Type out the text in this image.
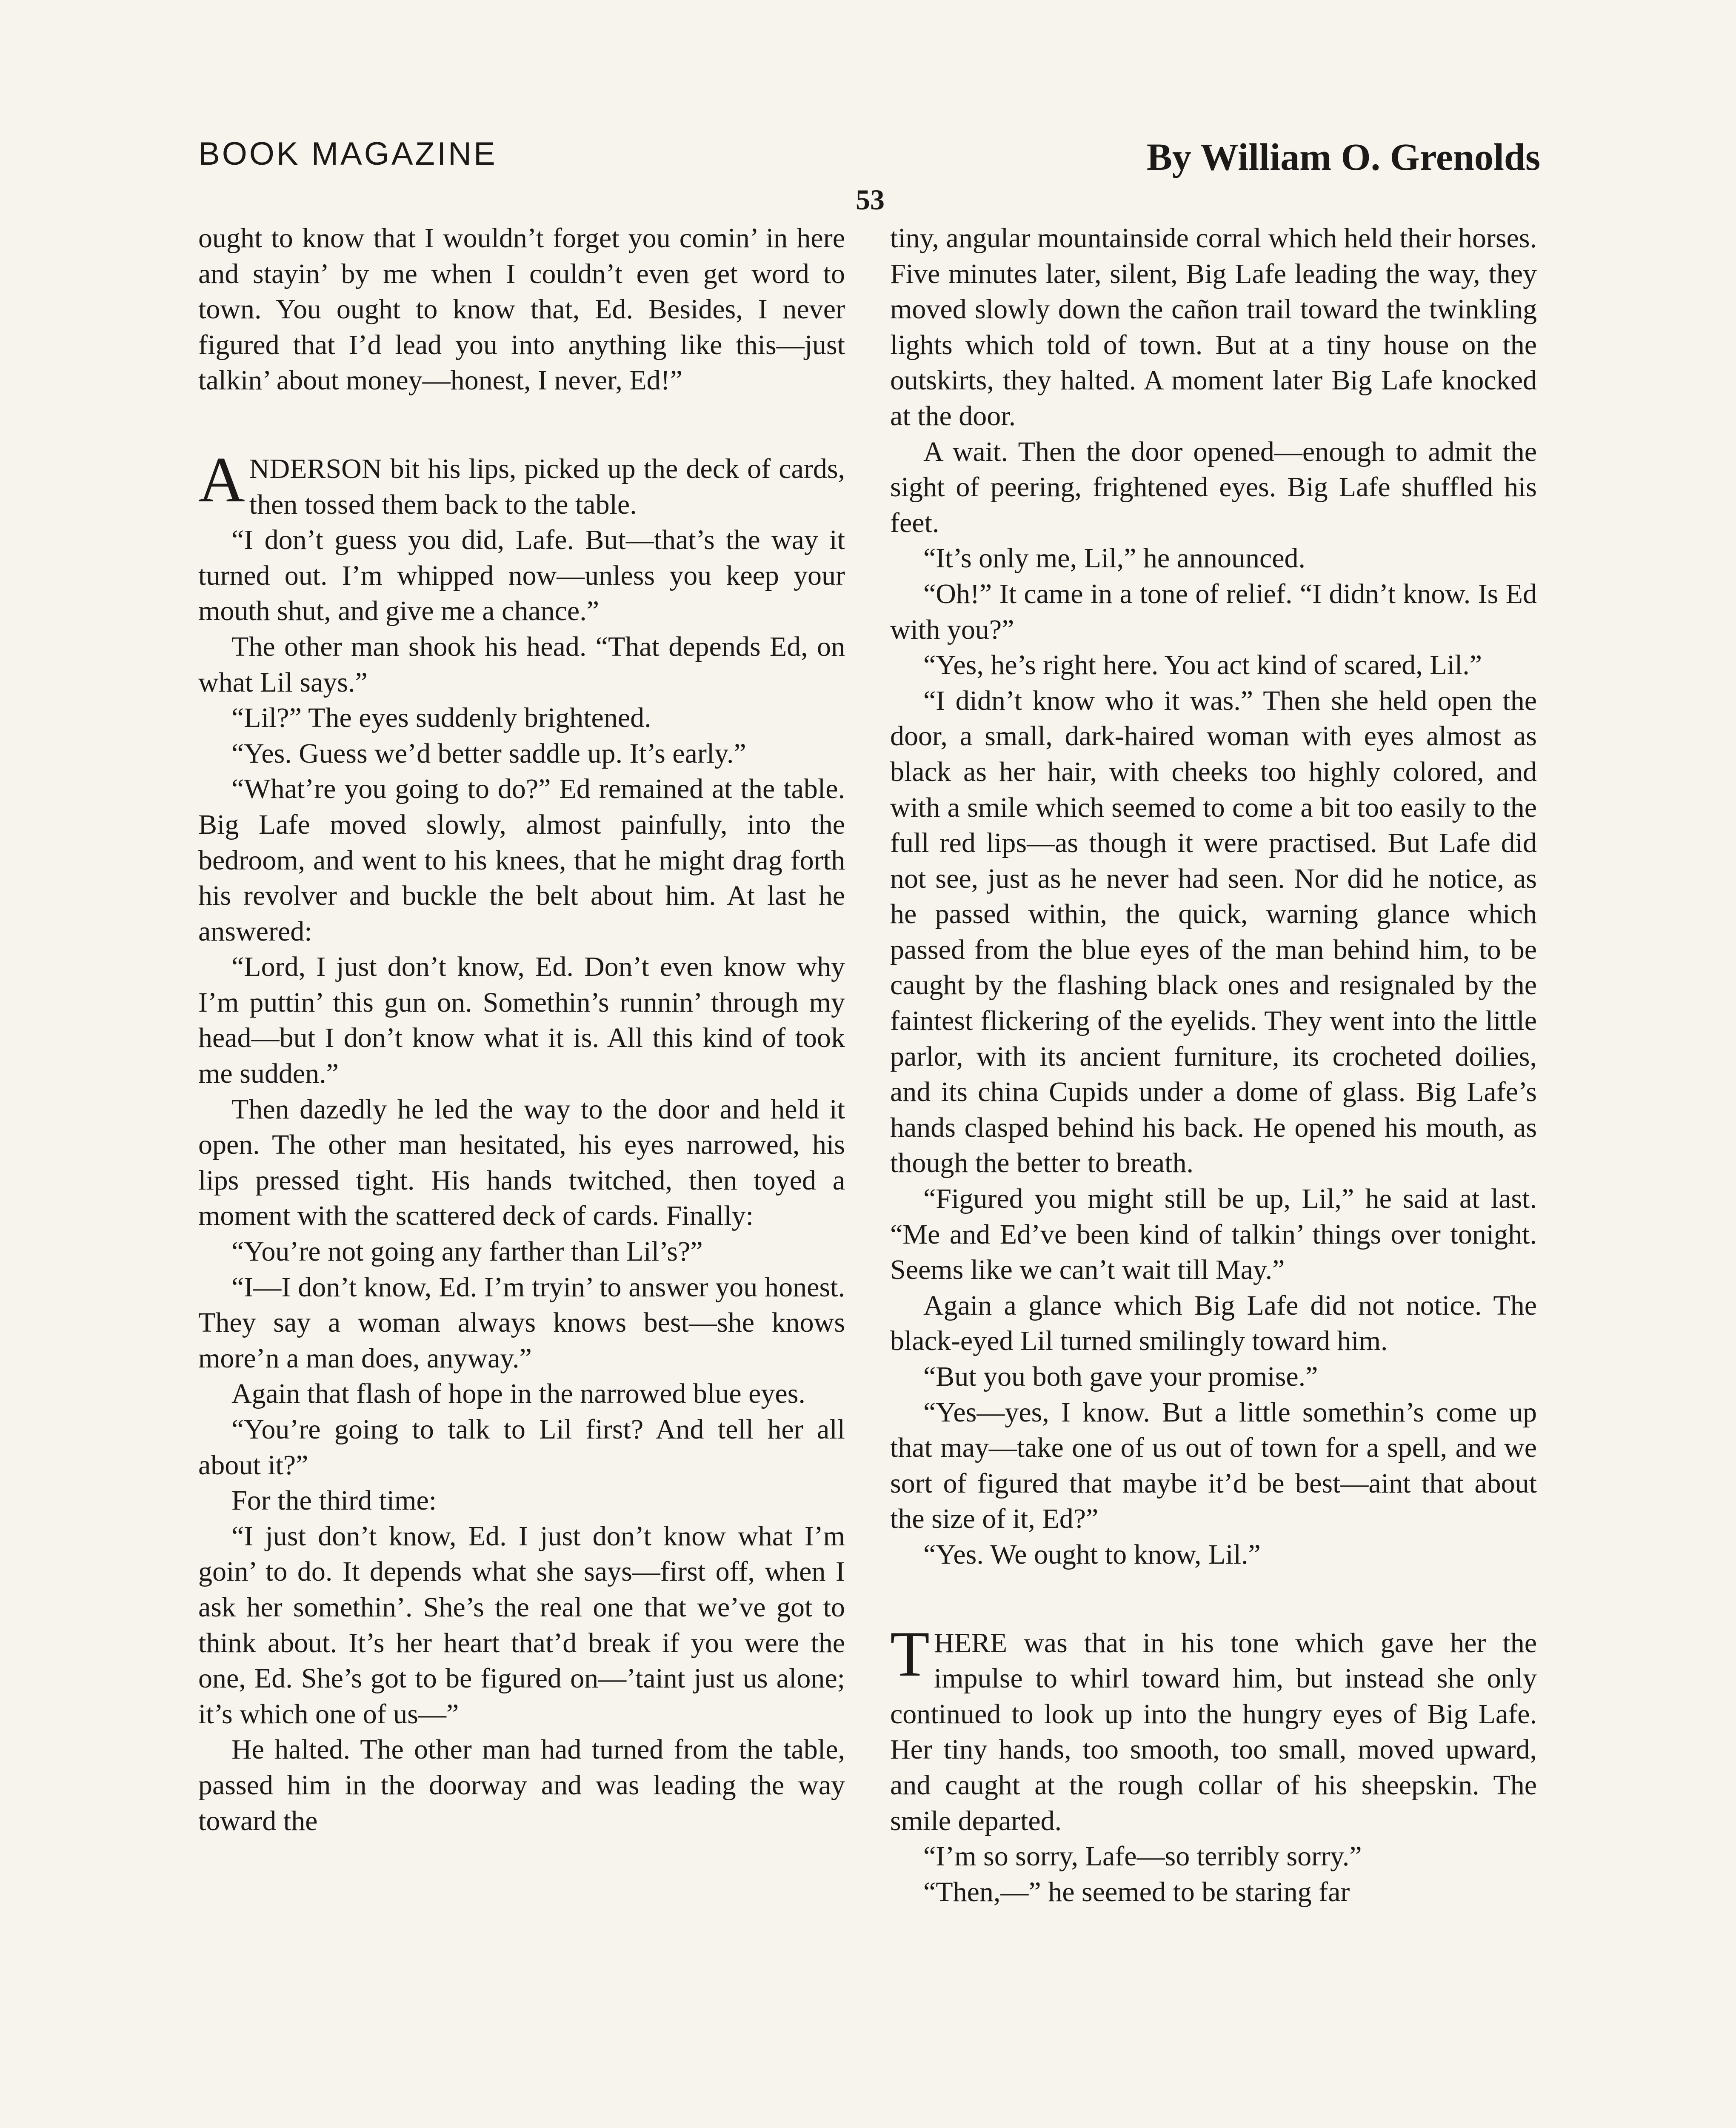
BOOK MAGAZINE	By William O. Grenolds
53

ought to know that I wouldn’t forget you comin’ in here and stayin’ by me when I couldn’t even get word to town. You ought to know that, Ed. Besides, I never figured that I’d lead you into anything like this—just talkin’ about money—honest, I never, Ed!”

ANDERSON bit his lips, picked up the deck of cards, then tossed them back to the table.

“I don’t guess you did, Lafe. But—that’s the way it turned out. I’m whipped now—unless you keep your mouth shut, and give me a chance.”

The other man shook his head. “That depends Ed, on what Lil says.”

“Lil?” The eyes suddenly brightened.

“Yes. Guess we’d better saddle up. It’s early.”

“What’re you going to do?” Ed remained at the table. Big Lafe moved slowly, almost painfully, into the bedroom, and went to his knees, that he might drag forth his revolver and buckle the belt about him. At last he answered:

“Lord, I just don’t know, Ed. Don’t even know why I’m puttin’ this gun on. Somethin’s runnin’ through my head—but I don’t know what it is. All this kind of took me sudden.”

Then dazedly he led the way to the door and held it open. The other man hesitated, his eyes narrowed, his lips pressed tight. His hands twitched, then toyed a moment with the scattered deck of cards. Finally:

“You’re not going any farther than Lil’s?”

“I—I don’t know, Ed. I’m tryin’ to answer you honest. They say a woman always knows best—she knows more’n a man does, anyway.”

Again that flash of hope in the narrowed blue eyes.

“You’re going to talk to Lil first? And tell her all about it?”

For the third time:

“I just don’t know, Ed. I just don’t know what I’m goin’ to do. It depends what she says—first off, when I ask her somethin’. She’s the real one that we’ve got to think about. It’s her heart that’d break if you were the one, Ed. She’s got to be figured on—’taint just us alone; it’s which one of us—”

He halted. The other man had turned from the table, passed him in the doorway and was leading the way toward the

tiny, angular mountainside corral which held their horses. Five minutes later, silent, Big Lafe leading the way, they moved slowly down the cañon trail toward the twinkling lights which told of town. But at a tiny house on the outskirts, they halted. A moment later Big Lafe knocked at the door.

A wait. Then the door opened—enough to admit the sight of peering, frightened eyes. Big Lafe shuffled his feet.

“It’s only me, Lil,” he announced.

“Oh!” It came in a tone of relief. “I didn’t know. Is Ed with you?”

“Yes, he’s right here. You act kind of scared, Lil.”

“I didn’t know who it was.” Then she held open the door, a small, dark-haired woman with eyes almost as black as her hair, with cheeks too highly colored, and with a smile which seemed to come a bit too easily to the full red lips—as though it were practised. But Lafe did not see, just as he never had seen. Nor did he notice, as he passed within, the quick, warning glance which passed from the blue eyes of the man behind him, to be caught by the flashing black ones and resignaled by the faintest flickering of the eyelids. They went into the little parlor, with its ancient furniture, its crocheted doilies, and its china Cupids under a dome of glass. Big Lafe’s hands clasped behind his back. He opened his mouth, as though the better to breath.

“Figured you might still be up, Lil,” he said at last. “Me and Ed’ve been kind of talkin’ things over tonight. Seems like we can’t wait till May.”

Again a glance which Big Lafe did not notice. The black-eyed Lil turned smilingly toward him.

“But you both gave your promise.”

“Yes—yes, I know. But a little somethin’s come up that may—take one of us out of town for a spell, and we sort of figured that maybe it’d be best—aint that about the size of it, Ed?”

“Yes. We ought to know, Lil.”

THERE was that in his tone which gave her the impulse to whirl toward him, but instead she only continued to look up into the hungry eyes of Big Lafe. Her tiny hands, too smooth, too small, moved upward, and caught at the rough collar of his sheepskin. The smile departed.

“I’m so sorry, Lafe—so terribly sorry.”

“Then,—” he seemed to be staring far
